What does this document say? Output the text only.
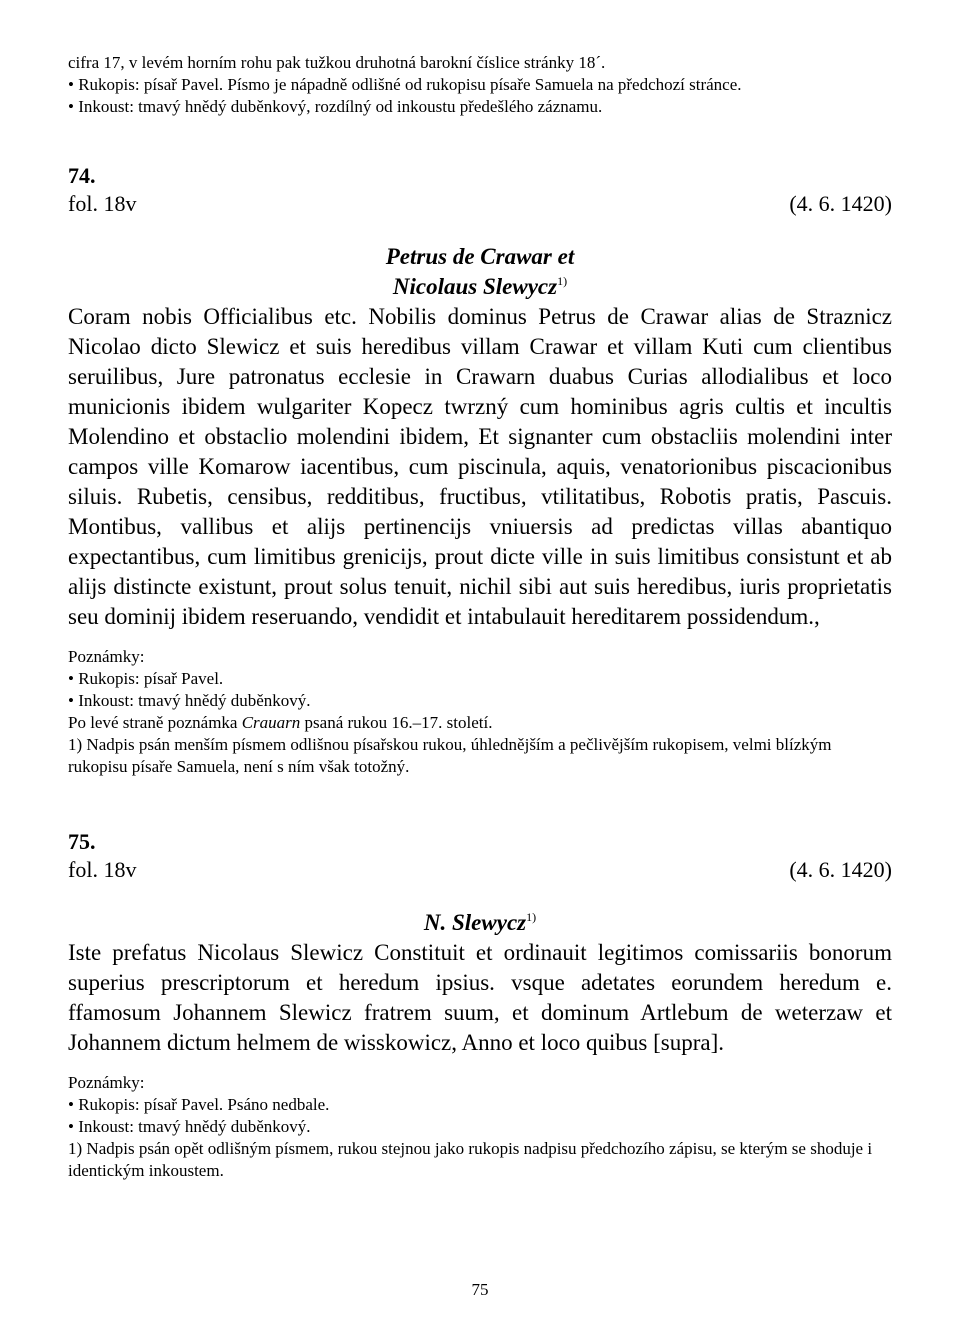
cifra 17, v levém horním rohu pak tužkou druhotná barokní číslice stránky 18´.
• Rukopis: písař Pavel. Písmo je nápadně odlišné od rukopisu písaře Samuela na předchozí stránce.
• Inkoust: tmavý hnědý duběnkový, rozdílný od inkoustu předešlého záznamu.
74.
fol. 18v	(4. 6. 1420)
Petrus de Crawar et
Nicolaus Slewycz$^{1)}$
Coram nobis Officialibus etc. Nobilis dominus Petrus de Crawar alias de Straznicz Nicolao dicto Slewicz et suis heredibus villam Crawar et villam Kuti cum clientibus seruilibus, Jure patronatus ecclesie in Crawarn duabus Curias allodialibus et loco municionis ibidem wulgariter Kopecz twrzný cum hominibus agris cultis et incultis Molendino et obstaclio molendini ibidem, Et signanter cum obstacliis molendini inter campos ville Komarow iacentibus, cum piscinula, aquis, venatorionibus piscacionibus siluis. Rubetis, censibus, redditibus, fructibus, vtilitatibus, Robotis pratis, Pascuis. Montibus, vallibus et alijs pertinencijs vniuersis ad predictas villas abantiquo expectantibus, cum limitibus grenicijs, prout dicte ville in suis limitibus consistunt et ab alijs distincte existunt, prout solus tenuit, nichil sibi aut suis heredibus, iuris proprietatis seu dominij ibidem reseruando, vendidit et intabulauit hereditarem possidendum.,
Poznámky:
• Rukopis: písař Pavel.
• Inkoust: tmavý hnědý duběnkový.
Po levé straně poznámka Crauarn psaná rukou 16.–17. století.
1) Nadpis psán menším písmem odlišnou písařskou rukou, úhlednějším a pečlivějším rukopisem, velmi blízkým rukopisu písaře Samuela, není s ním však totožný.
75.
fol. 18v	(4. 6. 1420)
N. Slewycz$^{1)}$
Iste prefatus Nicolaus Slewicz Constituit et ordinauit legitimos comissariis bonorum superius prescriptorum et heredum ipsius. vsque adetates eorundem heredum e. ffamosum Johannem Slewicz fratrem suum, et dominum Artlebum de weterzaw et Johannem dictum helmem de wisskowicz, Anno et loco quibus [supra].
Poznámky:
• Rukopis: písař Pavel. Psáno nedbale.
• Inkoust: tmavý hnědý duběnkový.
1) Nadpis psán opět odlišným písmem, rukou stejnou jako rukopis nadpisu předchozího zápisu, se kterým se shoduje i identickým inkoustem.
75
